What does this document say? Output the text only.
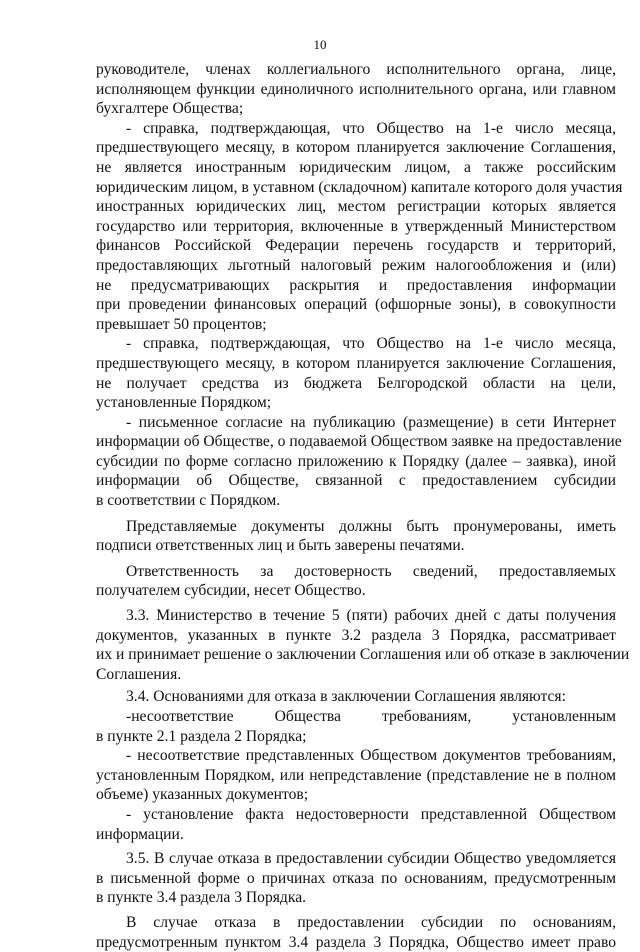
10
руководителе, членах коллегиального исполнительного органа, лице,
исполняющем функции единоличного исполнительного органа, или главном
бухгалтере Общества;
- справка, подтверждающая, что Общество на 1-е число месяца,
предшествующего месяцу, в котором планируется заключение Соглашения,
не является иностранным юридическим лицом, а также российским
юридическим лицом, в уставном (складочном) капитале которого доля участия
иностранных юридических лиц, местом регистрации которых является
государство или территория, включенные в утвержденный Министерством
финансов Российской Федерации перечень государств и территорий,
предоставляющих льготный налоговый режим налогообложения и (или)
не предусматривающих раскрытия и предоставления информации
при проведении финансовых операций (офшорные зоны), в совокупности
превышает 50 процентов;
- справка, подтверждающая, что Общество на 1-е число месяца,
предшествующего месяцу, в котором планируется заключение Соглашения,
не получает средства из бюджета Белгородской области на цели,
установленные Порядком;
- письменное согласие на публикацию (размещение) в сети Интернет
информации об Обществе, о подаваемой Обществом заявке на предоставление
субсидии по форме согласно приложению к Порядку (далее – заявка), иной
информации об Обществе, связанной с предоставлением субсидии
в соответствии с Порядком.
Представляемые документы должны быть пронумерованы, иметь
подписи ответственных лиц и быть заверены печатями.
Ответственность за достоверность сведений, предоставляемых
получателем субсидии, несет Общество.
3.3. Министерство в течение 5 (пяти) рабочих дней с даты получения
документов, указанных в пункте 3.2 раздела 3 Порядка, рассматривает
их и принимает решение о заключении Соглашения или об отказе в заключении
Соглашения.
3.4. Основаниями для отказа в заключении Соглашения являются:
-несоответствие Общества требованиям, установленным
в пункте 2.1 раздела 2 Порядка;
- несоответствие представленных Обществом документов требованиям,
установленным Порядком, или непредставление (представление не в полном
объеме) указанных документов;
- установление факта недостоверности представленной Обществом
информации.
3.5. В случае отказа в предоставлении субсидии Общество уведомляется
в письменной форме о причинах отказа по основаниям, предусмотренным
в пункте 3.4 раздела 3 Порядка.
В случае отказа в предоставлении субсидии по основаниям,
предусмотренным пунктом 3.4 раздела 3 Порядка, Общество имеет право
